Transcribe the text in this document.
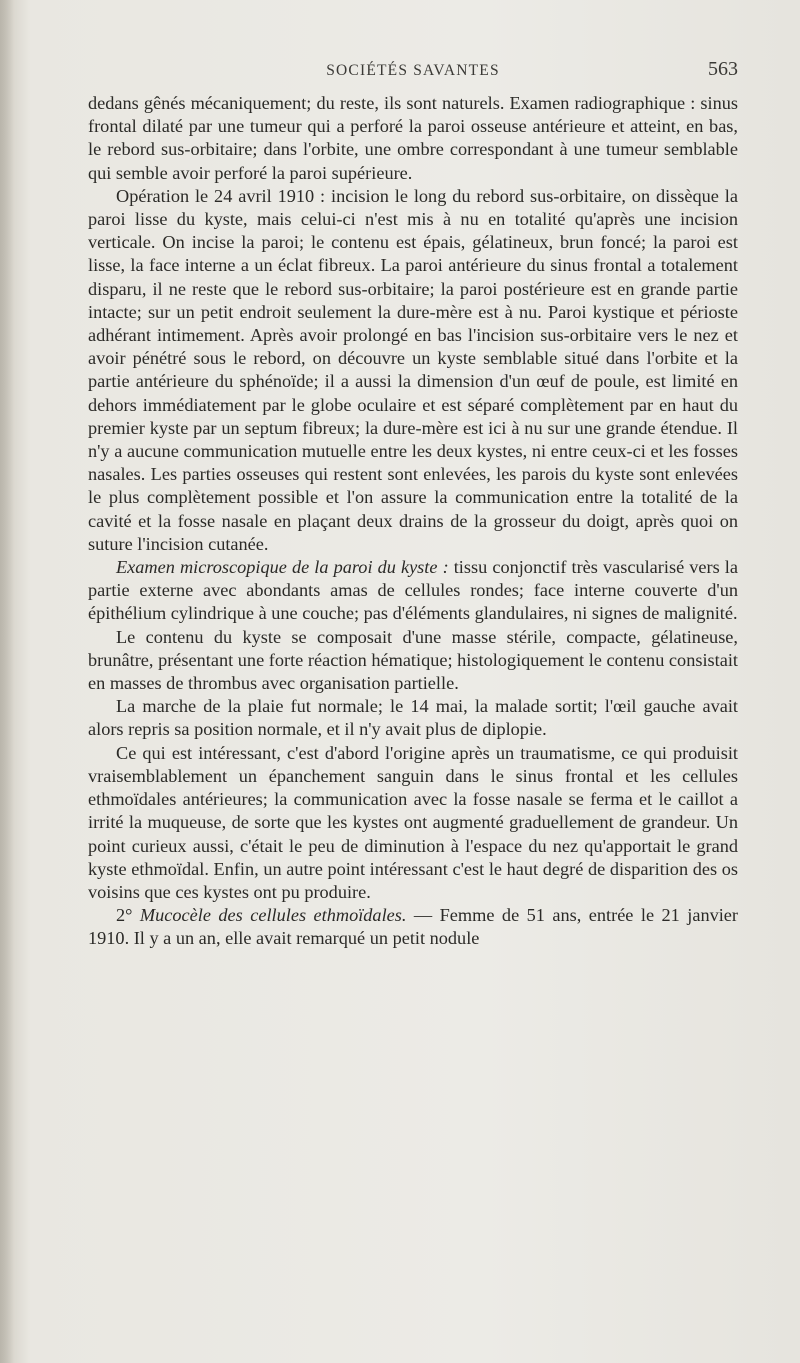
SOCIÉTÉS SAVANTES	563

dedans gênés mécaniquement; du reste, ils sont naturels. Examen radiographique : sinus frontal dilaté par une tumeur qui a perforé la paroi osseuse antérieure et atteint, en bas, le rebord sus-orbitaire; dans l'orbite, une ombre correspondant à une tumeur semblable qui semble avoir perforé la paroi supérieure.

Opération le 24 avril 1910 : incision le long du rebord sus-orbitaire, on dissèque la paroi lisse du kyste, mais celui-ci n'est mis à nu en totalité qu'après une incision verticale. On incise la paroi; le contenu est épais, gélatineux, brun foncé; la paroi est lisse, la face interne a un éclat fibreux. La paroi antérieure du sinus frontal a totalement disparu, il ne reste que le rebord sus-orbitaire; la paroi postérieure est en grande partie intacte; sur un petit endroit seulement la dure-mère est à nu. Paroi kystique et périoste adhérant intimement. Après avoir prolongé en bas l'incision sus-orbitaire vers le nez et avoir pénétré sous le rebord, on découvre un kyste semblable situé dans l'orbite et la partie antérieure du sphénoïde; il a aussi la dimension d'un œuf de poule, est limité en dehors immédiatement par le globe oculaire et est séparé complètement par en haut du premier kyste par un septum fibreux; la dure-mère est ici à nu sur une grande étendue. Il n'y a aucune communication mutuelle entre les deux kystes, ni entre ceux-ci et les fosses nasales. Les parties osseuses qui restent sont enlevées, les parois du kyste sont enlevées le plus complètement possible et l'on assure la communication entre la totalité de la cavité et la fosse nasale en plaçant deux drains de la grosseur du doigt, après quoi on suture l'incision cutanée.

Examen microscopique de la paroi du kyste : tissu conjonctif très vascularisé vers la partie externe avec abondants amas de cellules rondes; face interne couverte d'un épithélium cylindrique à une couche; pas d'éléments glandulaires, ni signes de malignité.

Le contenu du kyste se composait d'une masse stérile, compacte, gélatineuse, brunâtre, présentant une forte réaction hématique; histologiquement le contenu consistait en masses de thrombus avec organisation partielle.

La marche de la plaie fut normale; le 14 mai, la malade sortit; l'œil gauche avait alors repris sa position normale, et il n'y avait plus de diplopie.

Ce qui est intéressant, c'est d'abord l'origine après un traumatisme, ce qui produisit vraisemblablement un épanchement sanguin dans le sinus frontal et les cellules ethmoïdales antérieures; la communication avec la fosse nasale se ferma et le caillot a irrité la muqueuse, de sorte que les kystes ont augmenté graduellement de grandeur. Un point curieux aussi, c'était le peu de diminution à l'espace du nez qu'apportait le grand kyste ethmoïdal. Enfin, un autre point intéressant c'est le haut degré de disparition des os voisins que ces kystes ont pu produire.

2° Mucocèle des cellules ethmoïdales. — Femme de 51 ans, entrée le 21 janvier 1910. Il y a un an, elle avait remarqué un petit nodule
